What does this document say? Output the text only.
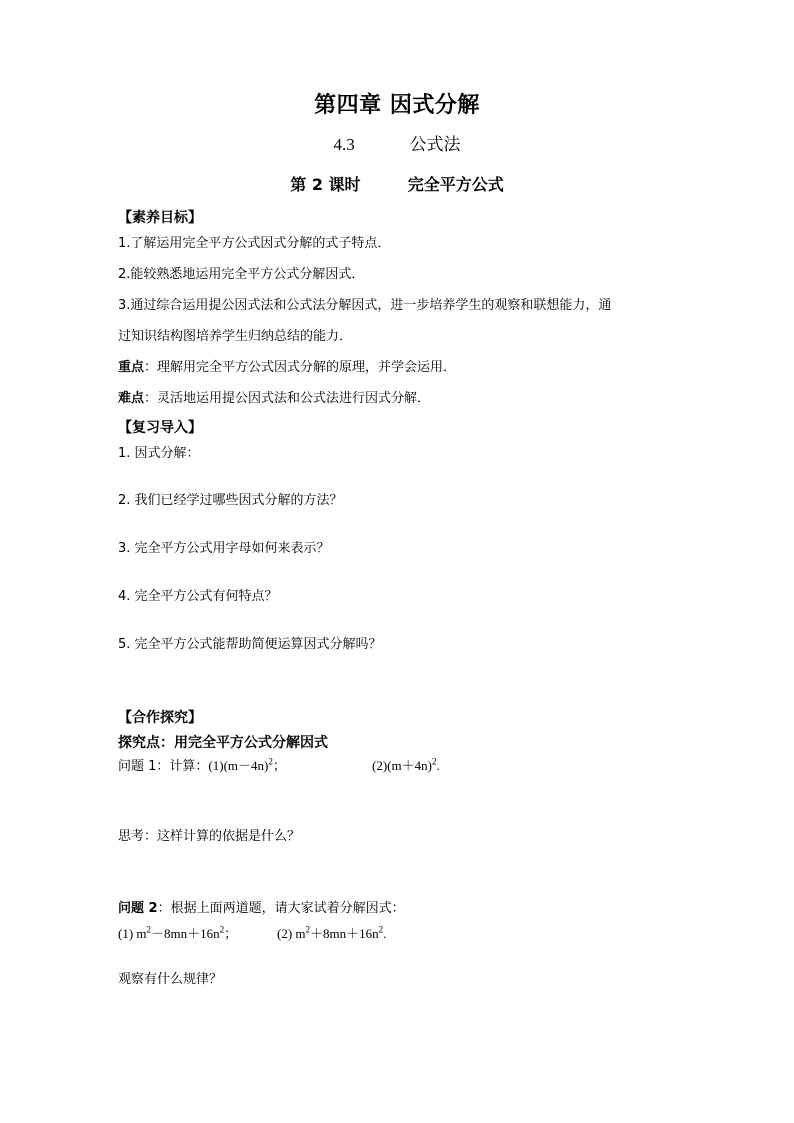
第四章 因式分解
4.3	公式法
第 2 课时	完全平方公式
【素养目标】
1.了解运用完全平方公式因式分解的式子特点．
2.能较熟悉地运用完全平方公式分解因式．
3.通过综合运用提公因式法和公式法分解因式，进一步培养学生的观察和联想能力，通
过知识结构图培养学生归纳总结的能力．
重点：理解用完全平方公式因式分解的原理，并学会运用．
难点：灵活地运用提公因式法和公式法进行因式分解．
【复习导入】
1. 因式分解：
2. 我们已经学过哪些因式分解的方法？
3. 完全平方公式用字母如何来表示？
4. 完全平方公式有何特点？
5. 完全平方公式能帮助简便运算因式分解吗？
【合作探究】
探究点：用完全平方公式分解因式
问题 1：计算：$(1)(m-4n)^2$；	$(2)(m+4n)^2$.
思考：这样计算的依据是什么？
问题 2：根据上面两道题，请大家试着分解因式：
(1) $m^2-8mn+16n^2$；	(2) $m^2+8mn+16n^2$.
观察有什么规律？
